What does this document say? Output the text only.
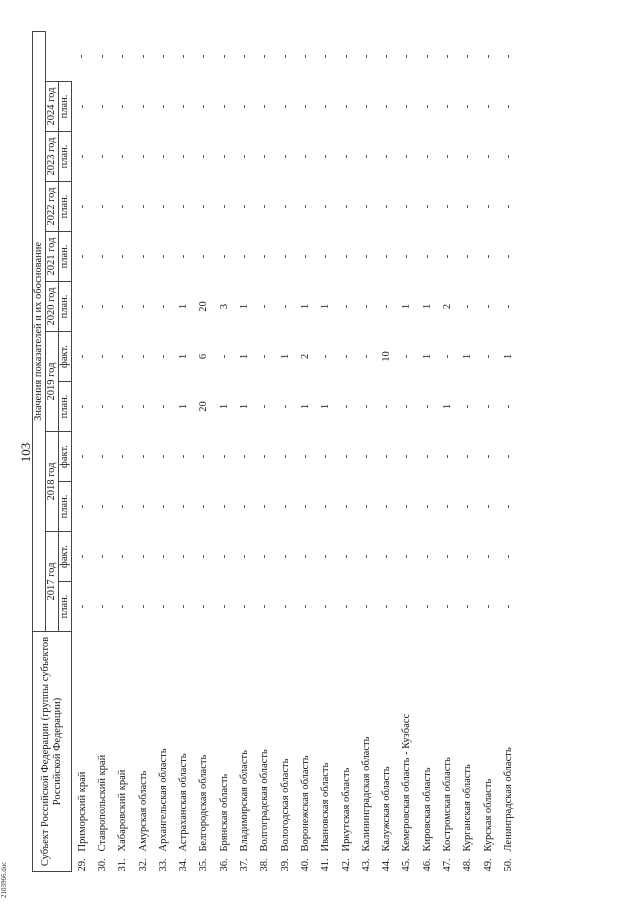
103
Субъект Российской Федерации (группы субъектов Российской Федерации)	Значения показателей и их обоснование											
	2017 год		2018 год		2019 год		2020 год	2021 год	2022 год	2023 год	2024 год	
	план.	факт.	план.	факт.	план.	факт.	план.	план.	план.	план.	план.	
29.Приморский край	-	-	-	-	-	-	-	-	-	-	-	-
30.Ставропольский край	-	-	-	-	-	-	-	-	-	-	-	-
31.Хабаровский край	-	-	-	-	-	-	-	-	-	-	-	-
32.Амурская область	-	-	-	-	-	-	-	-	-	-	-	-
33.Архангельская область	-	-	-	-	-	-	-	-	-	-	-	-
34.Астраханская область	-	-	-	-	1	1	1	-	-	-	-	-
35.Белгородская область	-	-	-	-	20	6	20	-	-	-	-	-
36.Брянская область	-	-	-	-	1	-	3	-	-	-	-	-
37.Владимирская область	-	-	-	-	1	1	1	-	-	-	-	-
38.Волгоградская область	-	-	-	-	-	-	-	-	-	-	-	-
39.Вологодская область	-	-	-	-	-	1	-	-	-	-	-	-
40.Воронежская область	-	-	-	-	1	2	1	-	-	-	-	-
41.Ивановская область	-	-	-	-	1	-	1	-	-	-	-	-
42.Иркутская область	-	-	-	-	-	-	-	-	-	-	-	-
43.Калининградская область	-	-	-	-	-	-	-	-	-	-	-	-
44.Калужская область	-	-	-	-	-	10	-	-	-	-	-	-
45.Кемеровская область - Кузбасс	-	-	-	-	-	-	1	-	-	-	-	-
46.Кировская область	-	-	-	-	-	1	1	-	-	-	-	-
47.Костромская область	-	-	-	-	1	-	2	-	-	-	-	-
48.Курганская область	-	-	-	-	-	1	-	-	-	-	-	-
49.Курская область	-	-	-	-	-	-	-	-	-	-	-	-
50.Ленинградская область	-	-	-	-	-	1	-	-	-	-	-	-
2103966.doc
